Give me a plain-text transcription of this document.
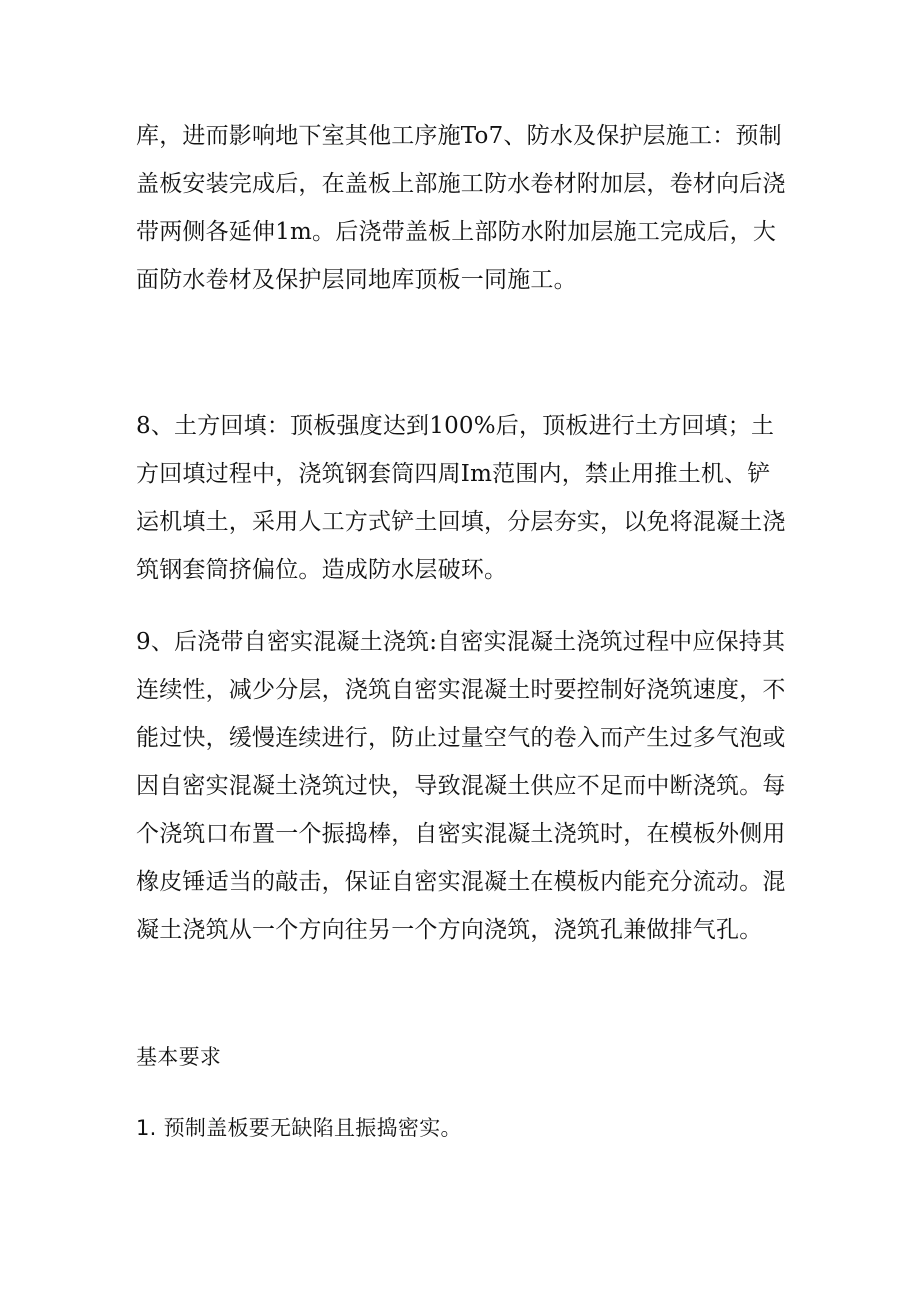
库，进而影响地下室其他工序施To7、防水及保护层施工：预制盖板安装完成后，在盖板上部施工防水卷材附加层，卷材向后浇带两侧各延伸1m。后浇带盖板上部防水附加层施工完成后，大面防水卷材及保护层同地库顶板一同施工。

8、土方回填：顶板强度达到100%后，顶板进行土方回填；土方回填过程中，浇筑钢套筒四周Im范围内，禁止用推土机、铲运机填土，采用人工方式铲土回填，分层夯实，以免将混凝土浇筑钢套筒挤偏位。造成防水层破环。

9、后浇带自密实混凝土浇筑:自密实混凝土浇筑过程中应保持其连续性，减少分层，浇筑自密实混凝土时要控制好浇筑速度，不能过快，缓慢连续进行，防止过量空气的卷入而产生过多气泡或因自密实混凝土浇筑过快，导致混凝土供应不足而中断浇筑。每个浇筑口布置一个振捣棒，自密实混凝土浇筑时，在模板外侧用橡皮锤适当的敲击，保证自密实混凝土在模板内能充分流动。混凝土浇筑从一个方向往另一个方向浇筑，浇筑孔兼做排气孔。

基本要求

1. 预制盖板要无缺陷且振捣密实。
